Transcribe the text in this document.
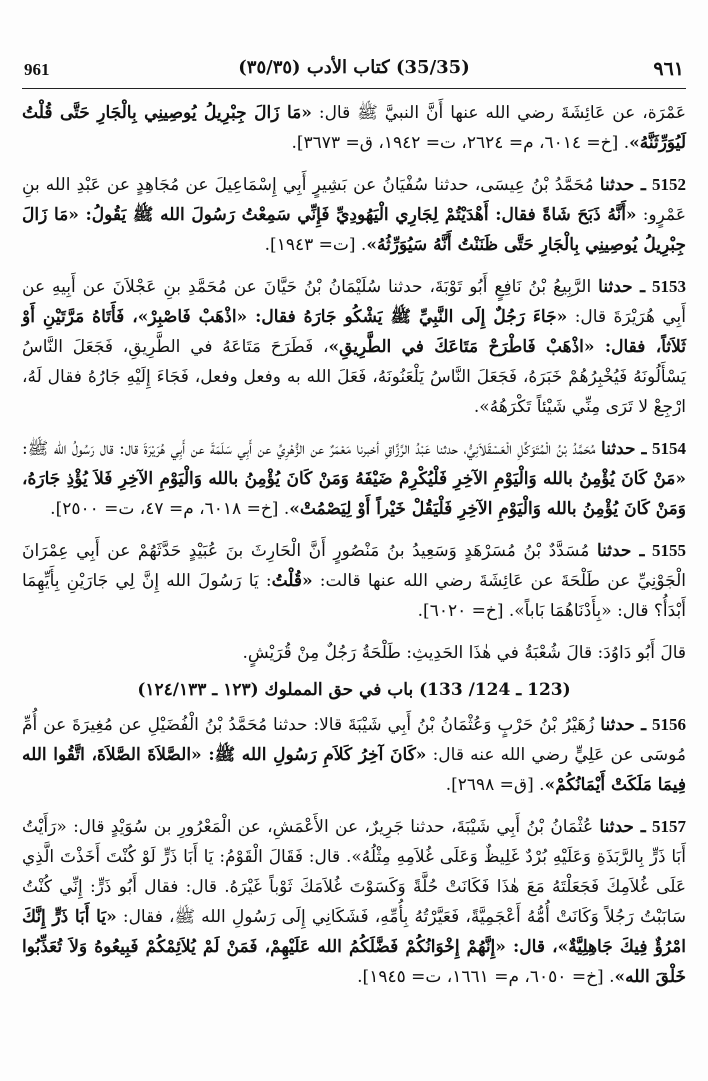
961	(35/35) كتاب الأدب (٣٥/٣٥)	٩٦١

عَمْرَة، عن عَائِشَةَ رضي الله عنها أَنَّ النبيَّ ﷺ قال: «مَا زَالَ جِبْرِيلُ يُوصِينِي بِالْجَارِ حَتَّى قُلْتُ لَيُوَرِّثَنَّهُ». [خ= ٦٠١٤، م= ٢٦٢٤، ت= ١٩٤٢، ق= ٣٦٧٣].

5152 ـ حدثنا مُحَمَّدُ بْنُ عِيسَى، حدثنا سُفْيَانُ عن بَشِيرٍ أَبِي إِسْمَاعِيلَ عن مُجَاهِدٍ عن عَبْدِ الله بنِ عَمْرٍو: «أَنَّهُ ذَبَحَ شَاةً فقال: أَهْدَيْتُمْ لِجَارِي الْيَهُودِيِّ فَإِنِّي سَمِعْتُ رَسُولَ الله ﷺ يَقُولُ: «مَا زَالَ جِبْرِيلُ يُوصِينِي بِالْجَارِ حَتَّى ظَنَنْتُ أَنَّهُ سَيُوَرِّثُهُ». [ت= ١٩٤٣].

5153 ـ حدثنا الرَّبِيعُ بْنُ نَافِعٍ أَبُو تَوْبَةَ، حدثنا سُلَيْمَانُ بْنُ حَيَّانَ عن مُحَمَّدِ بنِ عَجْلاَنَ عن أَبِيهِ عن أَبِي هُرَيْرَةَ قال: «جَاءَ رَجُلٌ إِلَى النَّبِيِّ ﷺ يَشْكُو جَارَهُ فقال: «اذْهَبْ فَاصْبِرْ»، فَأَتَاهُ مَرَّتَيْنِ أَوْ ثَلاَثاً، فقال: «اذْهَبْ فَاطْرَحْ مَتَاعَكَ في الطَّرِيقِ»، فَطَرَحَ مَتَاعَهُ في الطَّرِيقِ، فَجَعَلَ النَّاسُ يَسْأَلُونَهُ فَيُخْبِرُهُمْ خَبَرَهُ، فَجَعَلَ النَّاسُ يَلْعَنُونَهُ، فَعَلَ الله به وفعل وفعل، فَجَاءَ إِلَيْهِ جَارُهُ فقال لَهُ، ارْجِعْ لا تَرَى مِنِّي شَيْئاً تَكْرَهُهُ».

5154 ـ حدثنا مُحَمَّدُ بْنُ الْمُتَوَكِّلِ الْعَسْقَلاَنِيُّ، حدثنا عَبْدُ الرَّزَّاقِ أخبرنا مَعْمَرٌ عن الزُّهْرِيِّ عن أَبِي سَلَمَةَ عن أَبِي هُرَيْرَةَ قال: قال رَسُولُ الله ﷺ: «مَنْ كَانَ يُؤْمِنُ بالله وَالْيَوْمِ الآخِرِ فَلْيُكْرِمْ ضَيْفَهُ وَمَنْ كَانَ يُؤْمِنُ بالله وَالْيَوْمِ الآخِرِ فَلاَ يُؤْذِ جَارَهُ، وَمَنْ كَانَ يُؤْمِنُ بالله وَالْيَوْمِ الآخِرِ فَلْيَقُلْ خَيْراً أَوْ لِيَصْمُتْ». [خ= ٦٠١٨، م= ٤٧، ت= ٢٥٠٠].

5155 ـ حدثنا مُسَدَّدٌ بْنُ مُسَرْهَدٍ وَسَعِيدُ بنُ مَنْصُورٍ أَنَّ الْحَارِثَ بنَ عُبَيْدٍ حَدَّثَهُمْ عن أَبِي عِمْرَانَ الْجَوْنِيِّ عن طَلْحَةَ عن عَائِشَةَ رضي الله عنها قالت: «قُلْتُ: يَا رَسُولَ الله إِنَّ لِي جَارَيْنِ بِأَيِّهِمَا أَبْدَأُ؟ قال: «بِأَدْنَاهُمَا بَاباً». [خ= ٦٠٢٠].

قالَ أَبُو دَاوُدَ: قالَ شُعْبَةُ في هٰذَا الحَدِيثِ: طَلْحَةُ رَجُلٌ مِنْ قُرَيْشٍ.

(123 ـ 124/ 133) باب في حق المملوك (١٢٣ ـ ١٢٤/١٣٣)

5156 ـ حدثنا زُهَيْرُ بْنُ حَرْبٍ وَعُثْمَانُ بْنُ أَبِي شَيْبَةَ قالا: حدثنا مُحَمَّدُ بْنُ الْفُضَيْلِ عن مُغِيرَةَ عن أُمِّ مُوسَى عن عَلِيٍّ رضي الله عنه قال: «كَانَ آخِرُ كَلاَمِ رَسُولِ الله ﷺ: «الصَّلاَةَ الصَّلاَةَ، اتَّقُوا الله فِيمَا مَلَكَتْ أَيْمَانُكُمْ». [ق= ٢٦٩٨].

5157 ـ حدثنا عُثْمَانُ بْنُ أَبِي شَيْبَةَ، حدثنا جَرِيرٌ، عن الأَعْمَشِ، عن الْمَعْرُورِ بن سُوَيْدٍ قال: «رَأَيْتُ أَبَا ذَرٍّ بِالرَّبَذَةِ وَعَلَيْهِ بُرْدٌ غَلِيظٌ وَعَلَى غُلاَمِهِ مِثْلُهُ». قال: فَقَالَ الْقَوْمُ: يَا أَبَا ذَرٍّ لَوْ كُنْتَ أَخَذْتَ الَّذِي عَلَى غُلاَمِكَ فَجَعَلْتَهُ مَعَ هٰذَا فَكَانَتْ حُلَّةً وَكَسَوْتَ غُلاَمَكَ ثَوْباً غَيْرَهُ. قال: فقال أَبُو ذَرٍّ: إِنِّي كُنْتُ سَابَبْتُ رَجُلاً وَكَانَتْ أُمُّهُ أَعْجَمِيَّةً، فَعَيَّرْتُهُ بِأُمِّهِ، فَشَكَانِي إِلَى رَسُولِ الله ﷺ، فقال: «يَا أَبَا ذَرٍّ إِنَّكَ امْرُؤٌ فِيكَ جَاهِلِيَّةٌ»، قال: «إِنَّهُمْ إِخْوَانُكُمْ فَضَّلَكُمُ الله عَلَيْهِمْ، فَمَنْ لَمْ يُلاَئِمْكُمْ فَبِيعُوهُ وَلاَ تُعَذِّبُوا خَلْقَ الله». [خ= ٦٠٥٠، م= ١٦٦١، ت= ١٩٤٥].
